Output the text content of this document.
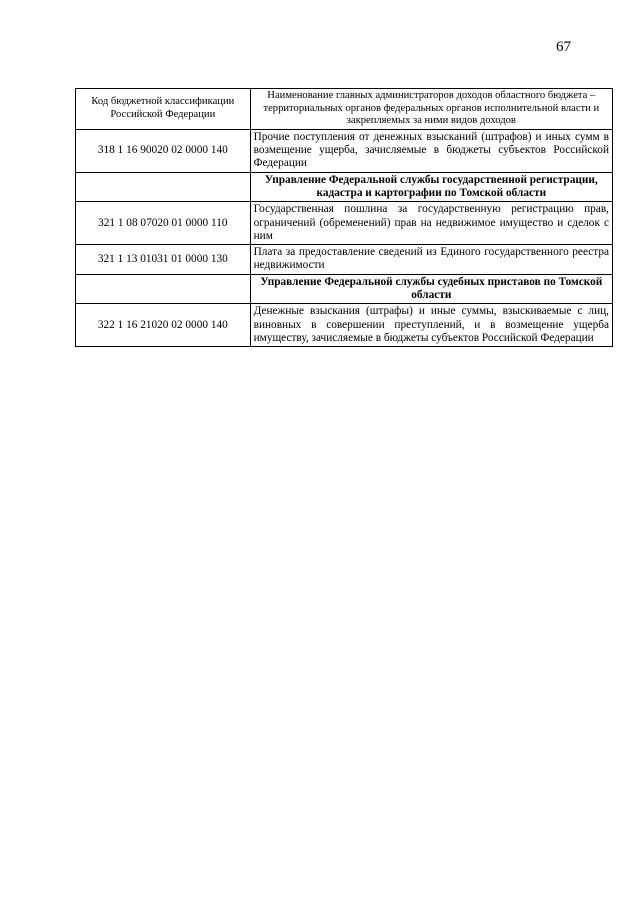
67
Код бюджетной классификации Российской Федерации	Наименование главных администраторов доходов областного бюджета – территориальных органов федеральных органов исполнительной власти и закрепляемых за ними видов доходов
318 1 16 90020 02 0000 140	Прочие поступления от денежных взысканий (штрафов) и иных сумм в возмещение ущерба, зачисляемые в бюджеты субъектов Российской Федерации
	Управление Федеральной службы государственной регистрации, кадастра и картографии по Томской области
321 1 08 07020 01 0000 110	Государственная пошлина за государственную регистрацию прав, ограничений (обременений) прав на недвижимое имущество и сделок с ним
321 1 13 01031 01 0000 130	Плата за предоставление сведений из Единого государственного реестра недвижимости
	Управление Федеральной службы судебных приставов по Томской области
322 1 16 21020 02 0000 140	Денежные взыскания (штрафы) и иные суммы, взыскиваемые с лиц, виновных в совершении преступлений, и в возмещение ущерба имуществу, зачисляемые в бюджеты субъектов Российской Федерации
